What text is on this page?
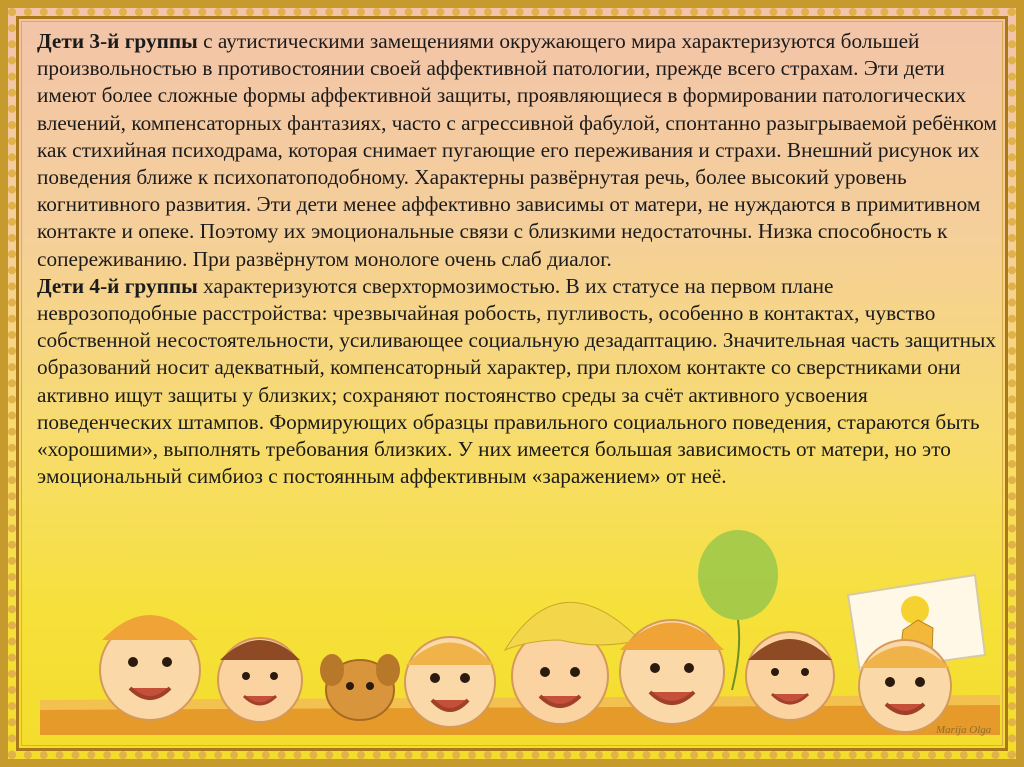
Дети 3-й группы с аутистическими замещениями окружающего мира характеризуются большей произвольностью в противостоянии своей аффективной патологии, прежде всего страхам. Эти дети имеют более сложные формы аффективной защиты, проявляющиеся в формировании патологических влечений, компенсаторных фантазиях, часто с агрессивной фабулой, спонтанно разыгрываемой ребёнком как стихийная психодрама, которая снимает пугающие его переживания и страхи. Внешний рисунок их поведения ближе к психопатоподобному. Характерны развёрнутая речь, более высокий уровень когнитивного развития. Эти дети менее аффективно зависимы от матери, не нуждаются в примитивном контакте и опеке. Поэтому их эмоциональные связи с близкими недостаточны. Низка способность к сопереживанию. При развёрнутом монологе очень слаб диалог.

Дети 4-й группы характеризуются сверхтормозимостью. В их статусе на первом плане неврозоподобные расстройства: чрезвычайная робость, пугливость, особенно в контактах, чувство собственной несостоятельности, усиливающее социальную дезадаптацию. Значительная часть защитных образований носит адекватный, компенсаторный характер, при плохом контакте со сверстниками они активно ищут защиты у близких; сохраняют постоянство среды за счёт активного усвоения поведенческих штампов. Формирующих образцы правильного социального поведения, стараются быть «хорошими», выполнять требования близких. У них имеется большая зависимость от матери, но это эмоциональный симбиоз с постоянным аффективным «заражением» от неё.

Marija Olga
